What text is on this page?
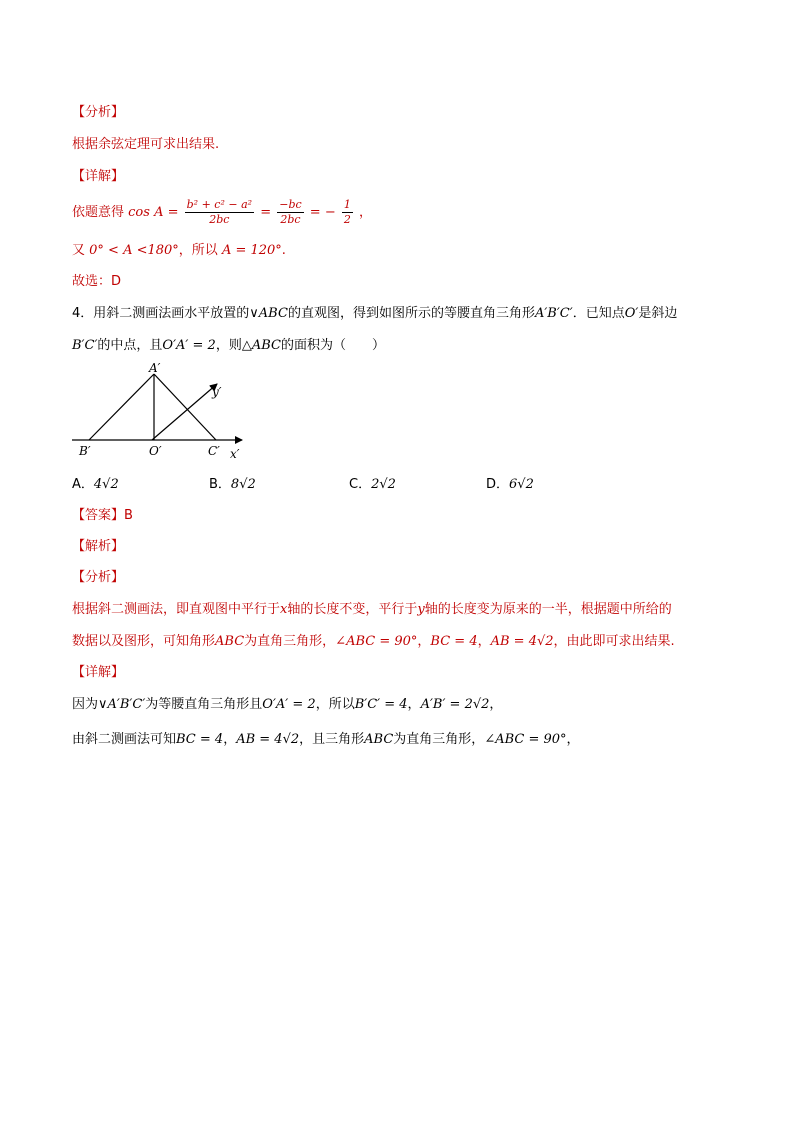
【分析】
根据余弦定理可求出结果.
【详解】
依题意得 $\cos A = \frac{\text{b² + c² − a²}}{2bc} = \frac{-bc}{2bc}$ = − $\frac{1}{2}$ ，
又 0° < A <180°，所以 A = 120°.
故选：D
4．用斜二测画法画水平放置的∨ABC的直观图，得到如图所示的等腰直角三角形A′B′C′．已知点O′是斜边
B′C′的中点，且O′A′ = 2，则△ABC的面积为（　　）
A′
B′	O′	C′ x′
y′
A．4√2	B．8√2	C．2√2	D．6√2
【答案】B
【解析】
【分析】
根据斜二测画法，即直观图中平行于x轴的长度不变，平行于y轴的长度变为原来的一半，根据题中所给的
数据以及图形，可知角形ABC为直角三角形，∠ABC = 90°，BC = 4，AB = 4√2，由此即可求出结果.
【详解】
因为∨A′B′C′为等腰直角三角形且O′A′ = 2，所以B′C′ = 4，A′B′ = 2√2，
由斜二测画法可知BC = 4，AB = 4√2，且三角形ABC为直角三角形，∠ABC = 90°，
